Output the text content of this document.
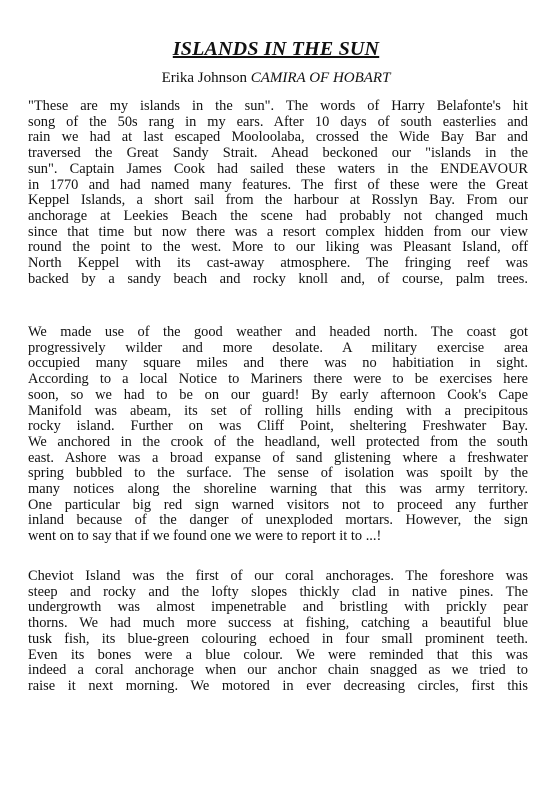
ISLANDS IN THE SUN
Erika Johnson CAMIRA OF HOBART

"These are my islands in the sun". The words of Harry Belafonte's hit
song of the 50s rang in my ears. After 10 days of south easterlies and
rain we had at last escaped Mooloolaba, crossed the Wide Bay Bar and
traversed the Great Sandy Strait. Ahead beckoned our "islands in the
sun". Captain James Cook had sailed these waters in the ENDEAVOUR
in 1770 and had named many features. The first of these were the Great
Keppel Islands, a short sail from the harbour at Rosslyn Bay. From our
anchorage at Leekies Beach the scene had probably not changed much
since that time but now there was a resort complex hidden from our view
round the point to the west. More to our liking was Pleasant Island, off
North Keppel with its cast-away atmosphere. The fringing reef was
backed by a sandy beach and rocky knoll and, of course, palm trees.

We made use of the good weather and headed north. The coast got
progressively wilder and more desolate. A military exercise area
occupied many square miles and there was no habitiation in sight.
According to a local Notice to Mariners there were to be exercises here
soon, so we had to be on our guard! By early afternoon Cook's Cape
Manifold was abeam, its set of rolling hills ending with a precipitous
rocky island. Further on was Cliff Point, sheltering Freshwater Bay.
We anchored in the crook of the headland, well protected from the south
east. Ashore was a broad expanse of sand glistening where a freshwater
spring bubbled to the surface. The sense of isolation was spoilt by the
many notices along the shoreline warning that this was army territory.
One particular big red sign warned visitors not to proceed any further
inland because of the danger of unexploded mortars. However, the sign
went on to say that if we found one we were to report it to ...!

Cheviot Island was the first of our coral anchorages. The foreshore was
steep and rocky and the lofty slopes thickly clad in native pines. The
undergrowth was almost impenetrable and bristling with prickly pear
thorns. We had much more success at fishing, catching a beautiful blue
tusk fish, its blue-green colouring echoed in four small prominent teeth.
Even its bones were a blue colour. We were reminded that this was
indeed a coral anchorage when our anchor chain snagged as we tried to
raise it next morning. We motored in ever decreasing circles, first this
